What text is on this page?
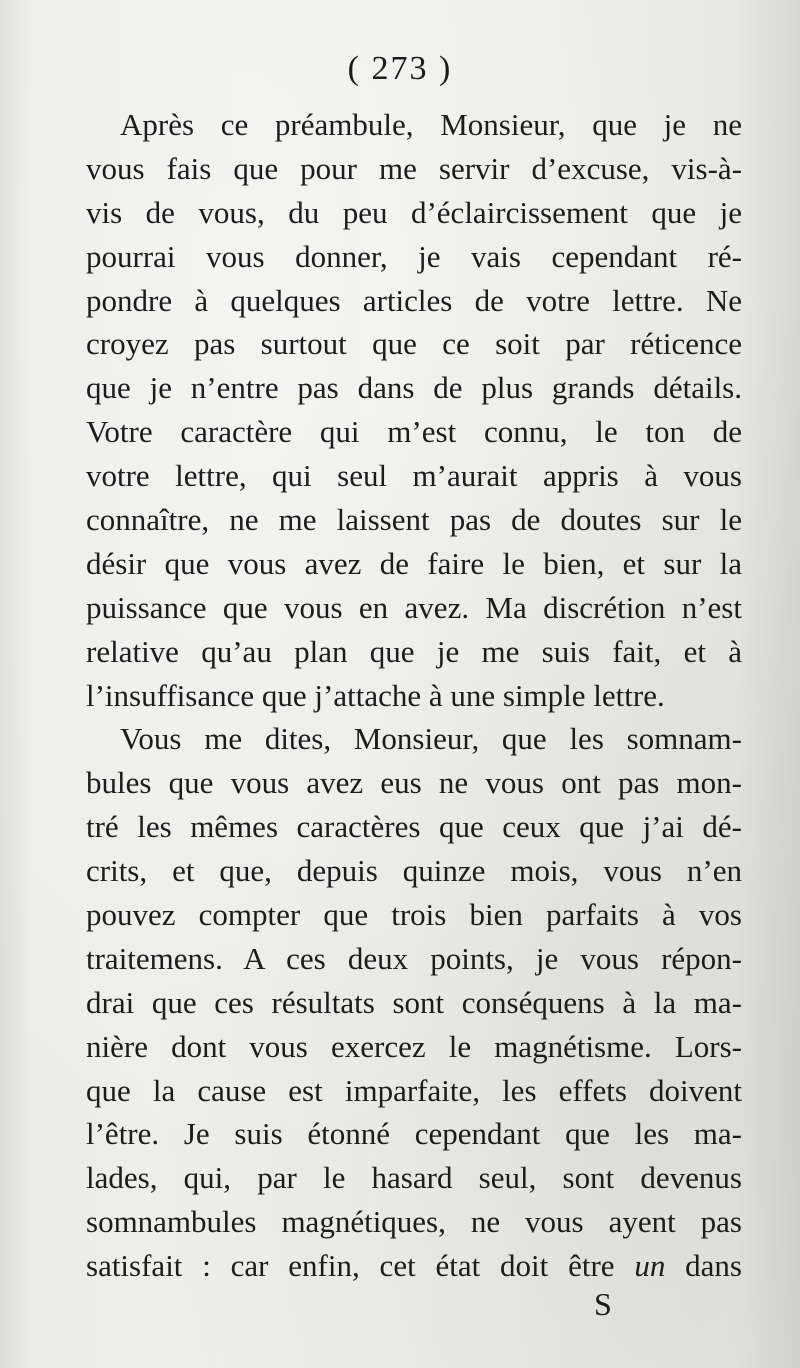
( 273 )
Après ce préambule, Monsieur, que je ne
vous fais que pour me servir d’excuse, vis-à-
vis de vous, du peu d’éclaircissement que je
pourrai vous donner, je vais cependant ré-
pondre à quelques articles de votre lettre. Ne
croyez pas surtout que ce soit par réticence
que je n’entre pas dans de plus grands détails.
Votre caractère qui m’est connu, le ton de
votre lettre, qui seul m’aurait appris à vous
connaître, ne me laissent pas de doutes sur le
désir que vous avez de faire le bien, et sur la
puissance que vous en avez. Ma discrétion n’est
relative qu’au plan que je me suis fait, et à
l’insuffisance que j’attache à une simple lettre.
Vous me dites, Monsieur, que les somnam-
bules que vous avez eus ne vous ont pas mon-
tré les mêmes caractères que ceux que j’ai dé-
crits, et que, depuis quinze mois, vous n’en
pouvez compter que trois bien parfaits à vos
traitemens. A ces deux points, je vous répon-
drai que ces résultats sont conséquens à la ma-
nière dont vous exercez le magnétisme. Lors-
que la cause est imparfaite, les effets doivent
l’être. Je suis étonné cependant que les ma-
lades, qui, par le hasard seul, sont devenus
somnambules magnétiques, ne vous ayent pas
satisfait : car enfin, cet état doit être un dans
S
